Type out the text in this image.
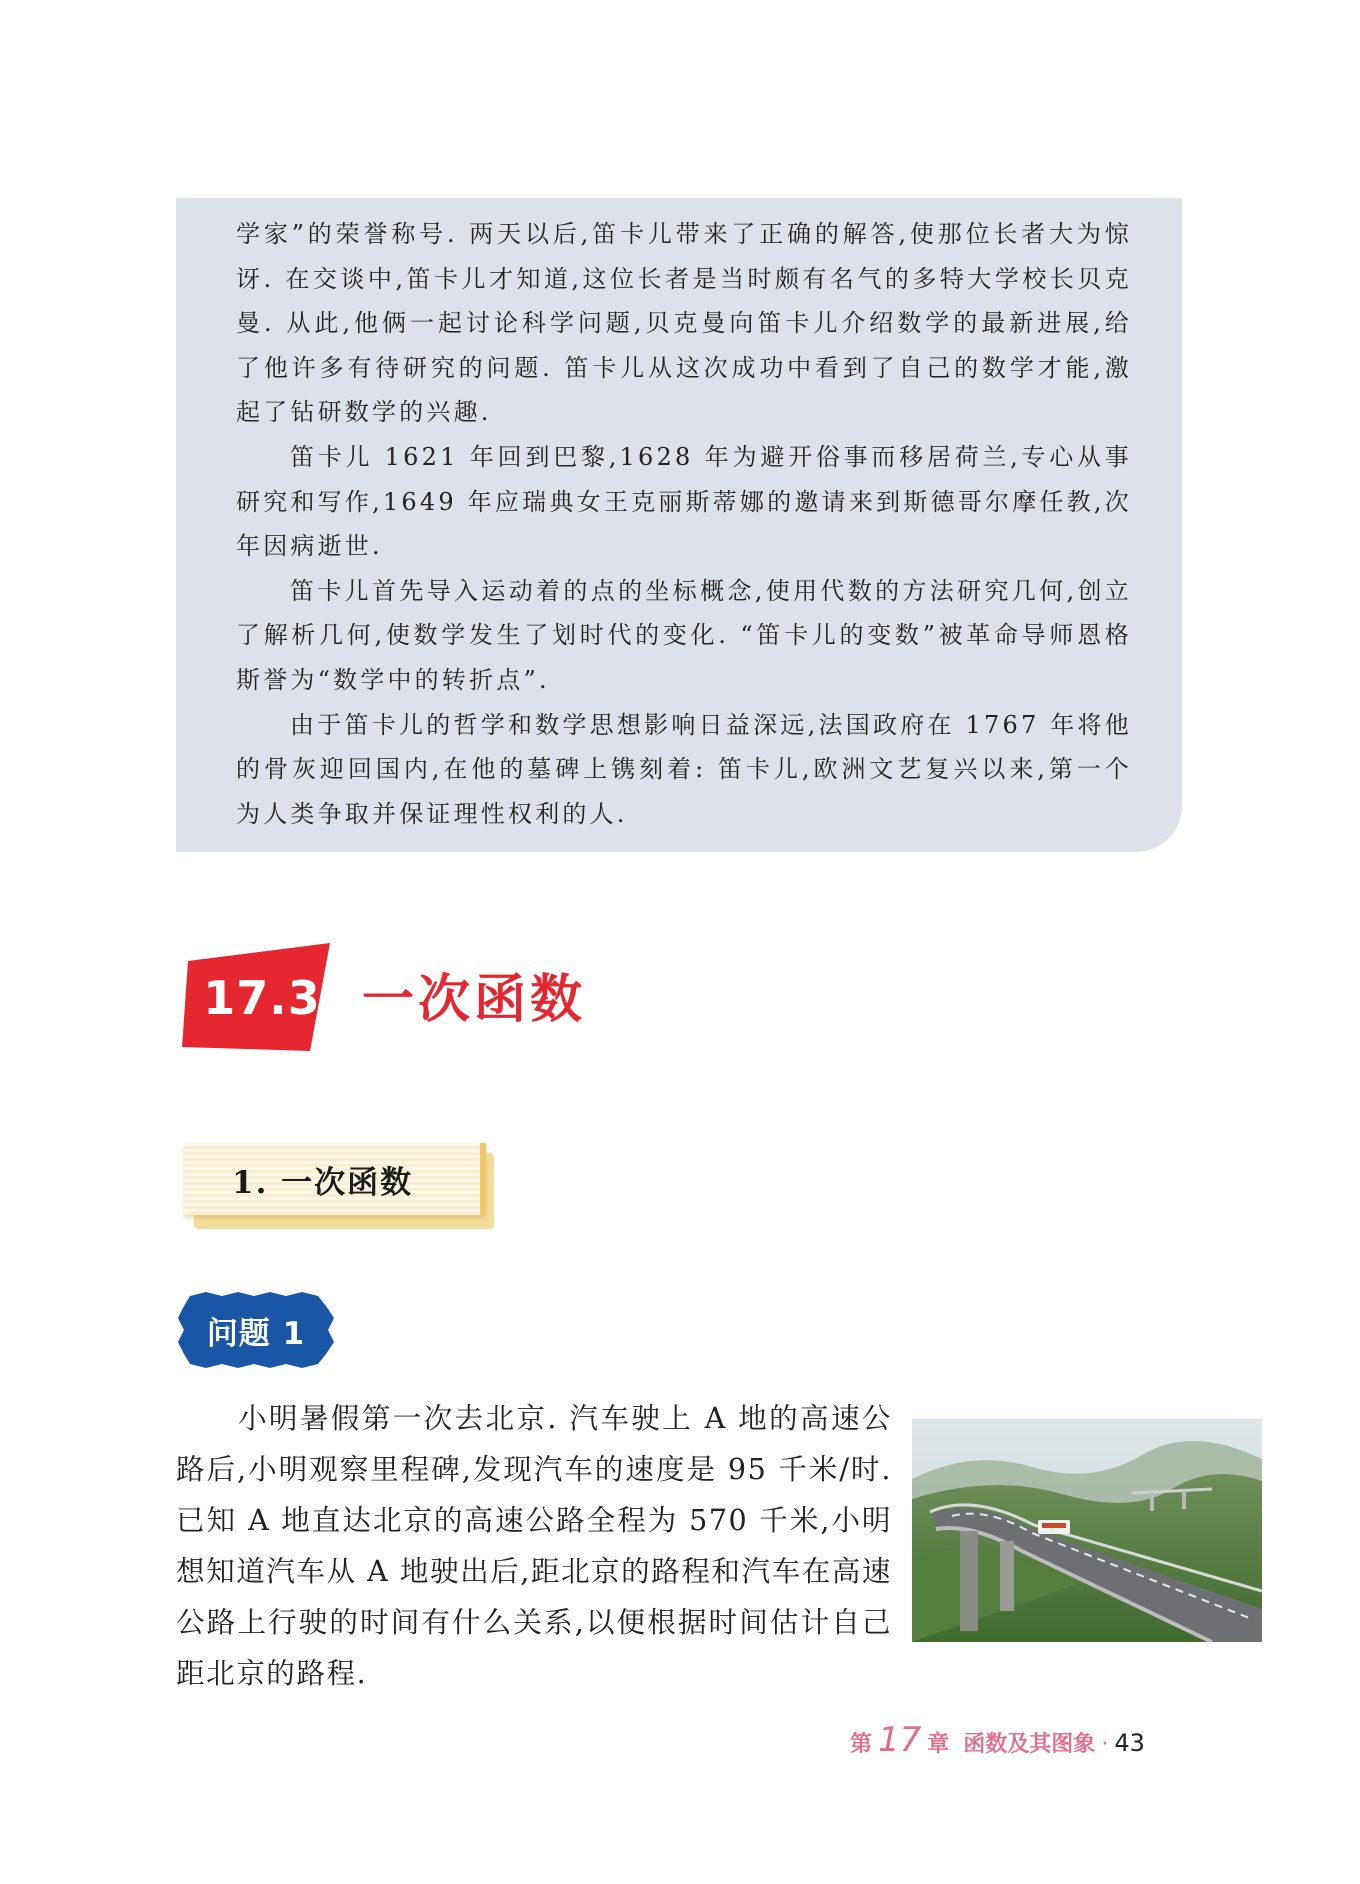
学家”的荣誉称号. 两天以后,笛卡儿带来了正确的解答,使那位长者大为惊讶. 在交谈中,笛卡儿才知道,这位长者是当时颇有名气的多特大学校长贝克曼. 从此,他俩一起讨论科学问题,贝克曼向笛卡儿介绍数学的最新进展,给了他许多有待研究的问题. 笛卡儿从这次成功中看到了自己的数学才能,激起了钻研数学的兴趣.

笛卡儿 1621 年回到巴黎,1628 年为避开俗事而移居荷兰,专心从事研究和写作,1649 年应瑞典女王克丽斯蒂娜的邀请来到斯德哥尔摩任教,次年因病逝世.

笛卡儿首先导入运动着的点的坐标概念,使用代数的方法研究几何,创立了解析几何,使数学发生了划时代的变化. “笛卡儿的变数”被革命导师恩格斯誉为“数学中的转折点”.

由于笛卡儿的哲学和数学思想影响日益深远,法国政府在 1767 年将他的骨灰迎回国内,在他的墓碑上镌刻着: 笛卡儿,欧洲文艺复兴以来,第一个为人类争取并保证理性权利的人.

17.3 一次函数
1. 一次函数
问题 1

小明暑假第一次去北京. 汽车驶上 A 地的高速公路后,小明观察里程碑,发现汽车的速度是 95 千米/时. 已知 A 地直达北京的高速公路全程为 570 千米,小明想知道汽车从 A 地驶出后,距北京的路程和汽车在高速公路上行驶的时间有什么关系,以便根据时间估计自己距北京的路程.

第 17 章 函数及其图象 · 43
